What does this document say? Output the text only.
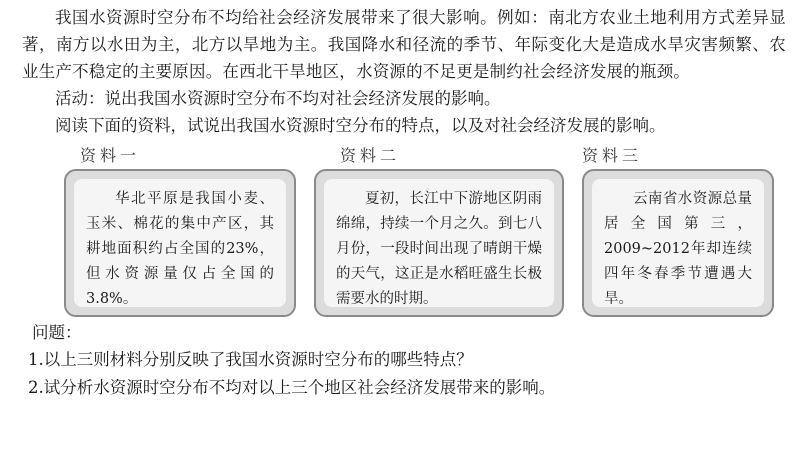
我国水资源时空分布不均给社会经济发展带来了很大影响。例如：南北方农业土地利用方式差异显著，南方以水田为主，北方以旱地为主。我国降水和径流的季节、年际变化大是造成水旱灾害频繁、农业生产不稳定的主要原因。在西北干旱地区，水资源的不足更是制约社会经济发展的瓶颈。

活动：说出我国水资源时空分布不均对社会经济发展的影响。

阅读下面的资料，试说出我国水资源时空分布的特点，以及对社会经济发展的影响。

资料一	资料二	资料三
华北平原是我国小麦、玉米、棉花的集中产区，其耕地面积约占全国的23%，但水资源量仅占全国的3.8%。
夏初，长江中下游地区阴雨绵绵，持续一个月之久。到七八月份，一段时间出现了晴朗干燥的天气，这正是水稻旺盛生长极需要水的时期。
云南省水资源总量居全国第三，2009~2012年却连续四年冬春季节遭遇大旱。

问题：

1.以上三则材料分别反映了我国水资源时空分布的哪些特点？

2.试分析水资源时空分布不均对以上三个地区社会经济发展带来的影响。
